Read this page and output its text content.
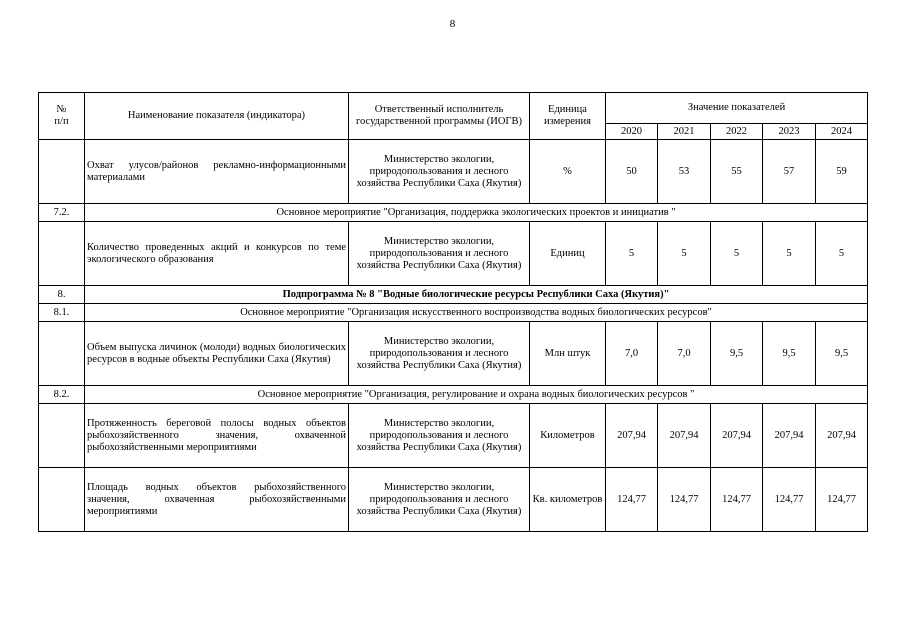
8
№
п/п	Наименование показателя (индикатора)	Ответственный исполнитель государственной программы (ИОГВ)	Единица измерения	Значение показателей				
				2020	2021	2022	2023	2024
	Охват улусов/районов рекламно-информационными материалами	Министерство экологии, природопользования и лесного хозяйства Республики Саха (Якутия)	%	50	53	55	57	59
7.2.	Основное мероприятие "Организация, поддержка экологических проектов и инициатив "							
	Количество проведенных акций и конкурсов по теме экологического образования	Министерство экологии, природопользования и лесного хозяйства Республики Саха (Якутия)	Единиц	5	5	5	5	5
8.	Подпрограмма № 8 "Водные биологические ресурсы Республики Саха (Якутия)"							
8.1.	Основное мероприятие "Организация искусственного воспроизводства водных биологических ресурсов"							
	Объем выпуска личинок (молоди) водных биологических ресурсов в водные объекты Республики Саха (Якутия)	Министерство экологии, природопользования и лесного хозяйства Республики Саха (Якутия)	Млн штук	7,0	7,0	9,5	9,5	9,5
8.2.	Основное мероприятие "Организация, регулирование и охрана водных биологических ресурсов "							
	Протяженность береговой полосы водных объектов рыбохозяйственного значения, охваченной рыбохозяйственными мероприятиями	Министерство экологии, природопользования и лесного хозяйства Республики Саха (Якутия)	Километров	207,94	207,94	207,94	207,94	207,94
	Площадь водных объектов рыбохозяйственного значения, охваченная рыбохозяйственными мероприятиями	Министерство экологии, природопользования и лесного хозяйства Республики Саха (Якутия)	Кв. километров	124,77	124,77	124,77	124,77	124,77
